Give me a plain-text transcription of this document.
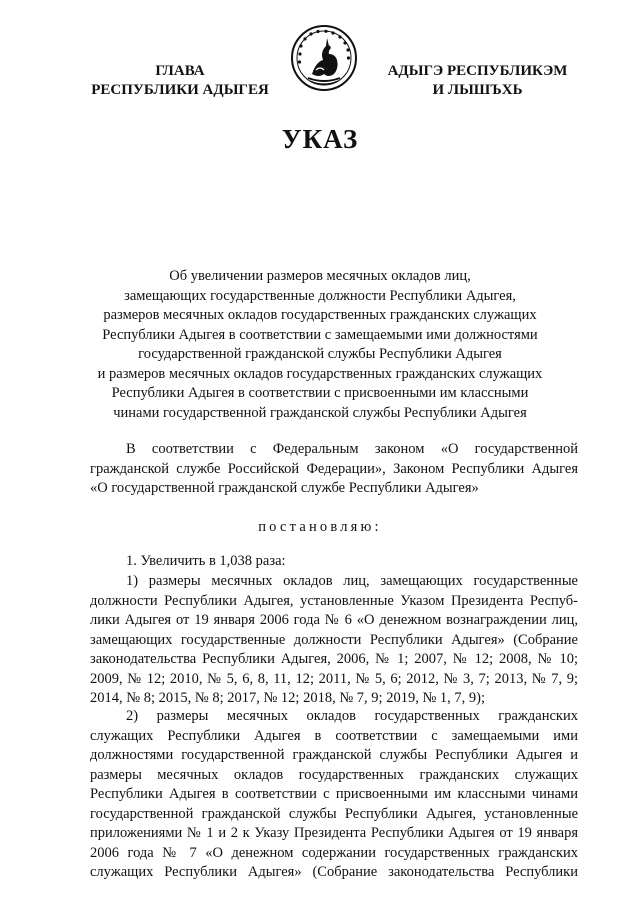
ГЛАВА
РЕСПУБЛИКИ АДЫГЕЯ
АДЫГЭ РЕСПУБЛИКЭМ
И ЛЫШЪХЬ
УКАЗ
Об увеличении размеров месячных окладов лиц,
замещающих государственные должности Республики Адыгея,
размеров месячных окладов государственных гражданских служащих
Республики Адыгея в соответствии с замещаемыми ими должностями
государственной гражданской службы Республики Адыгея
и размеров месячных окладов государственных гражданских служащих
Республики Адыгея в соответствии с присвоенными им классными
чинами государственной гражданской службы Республики Адыгея
В соответствии с Федеральным законом «О государственной
гражданской службе Российской Федерации», Законом Республики Адыгея
«О государственной гражданской службе Республики Адыгея»
постановляю:
1. Увеличить в 1,038 раза:
1) размеры месячных окладов лиц, замещающих государственные
должности Республики Адыгея, установленные Указом Президента Респуб-
лики Адыгея от 19 января 2006 года № 6 «О денежном вознаграждении лиц,
замещающих государственные должности Республики Адыгея» (Собрание
законодательства Республики Адыгея, 2006, № 1; 2007, № 12; 2008, № 10;
2009, № 12; 2010, № 5, 6, 8, 11, 12; 2011, № 5, 6; 2012, № 3, 7; 2013, № 7, 9;
2014, № 8; 2015, № 8; 2017, № 12; 2018, № 7, 9; 2019, № 1, 7, 9);
2) размеры месячных окладов государственных гражданских
служащих Республики Адыгея в соответствии с замещаемыми ими
должностями государственной гражданской службы Республики Адыгея и
размеры месячных окладов государственных гражданских служащих
Республики Адыгея в соответствии с присвоенными им классными чинами
государственной гражданской службы Республики Адыгея, установленные
приложениями № 1 и 2 к Указу Президента Республики Адыгея от 19 января
2006 года № 7 «О денежном содержании государственных гражданских
служащих Республики Адыгея» (Собрание законодательства Республики
